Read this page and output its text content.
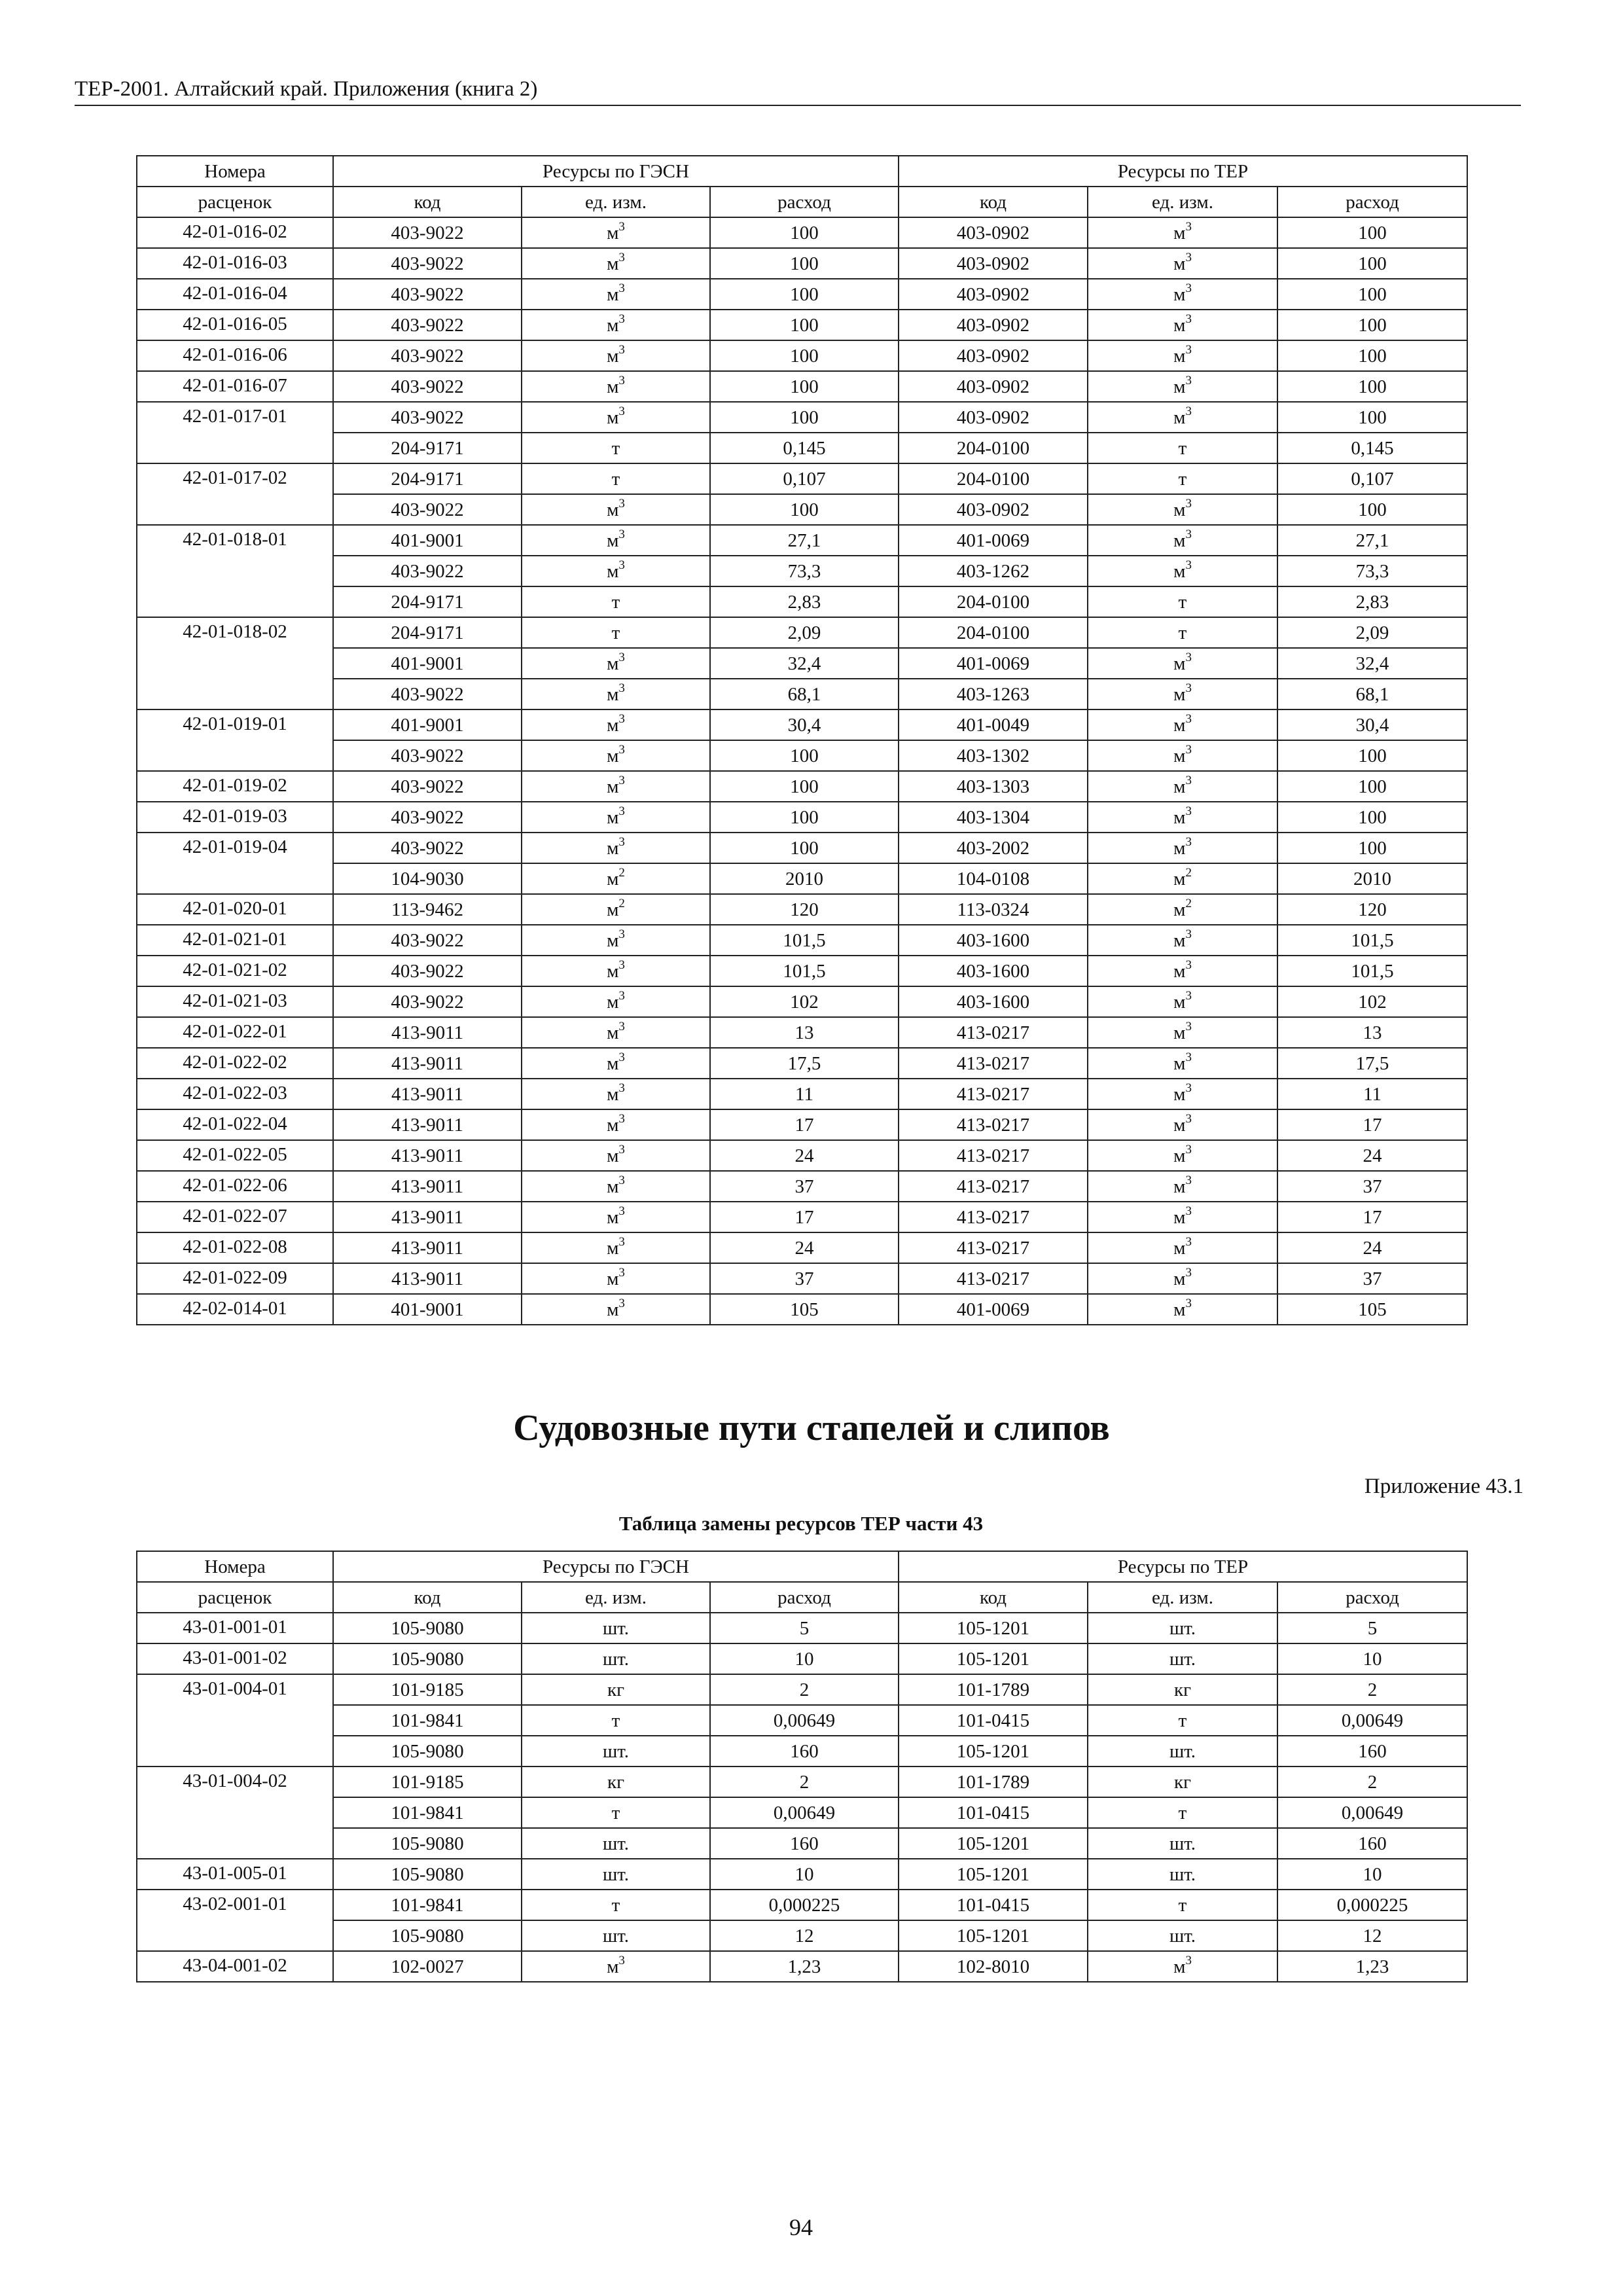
ТЕР-2001. Алтайский край. Приложения (книга 2)
Номера	Ресурсы по ГЭСН			Ресурсы по ТЕР		
расценок	код	ед. изм.	расход	код	ед. изм.	расход
42-01-016-02	403-9022	$м^3$	100	403-0902	$м^3$	100
42-01-016-03	403-9022	$м^3$	100	403-0902	$м^3$	100
42-01-016-04	403-9022	$м^3$	100	403-0902	$м^3$	100
42-01-016-05	403-9022	$м^3$	100	403-0902	$м^3$	100
42-01-016-06	403-9022	$м^3$	100	403-0902	$м^3$	100
42-01-016-07	403-9022	$м^3$	100	403-0902	$м^3$	100
42-01-017-01	403-9022	$м^3$	100	403-0902	$м^3$	100
	204-9171	т	0,145	204-0100	т	0,145
42-01-017-02	204-9171	т	0,107	204-0100	т	0,107
	403-9022	$м^3$	100	403-0902	$м^3$	100
42-01-018-01	401-9001	$м^3$	27,1	401-0069	$м^3$	27,1
	403-9022	$м^3$	73,3	403-1262	$м^3$	73,3
	204-9171	т	2,83	204-0100	т	2,83
42-01-018-02	204-9171	т	2,09	204-0100	т	2,09
	401-9001	$м^3$	32,4	401-0069	$м^3$	32,4
	403-9022	$м^3$	68,1	403-1263	$м^3$	68,1
42-01-019-01	401-9001	$м^3$	30,4	401-0049	$м^3$	30,4
	403-9022	$м^3$	100	403-1302	$м^3$	100
42-01-019-02	403-9022	$м^3$	100	403-1303	$м^3$	100
42-01-019-03	403-9022	$м^3$	100	403-1304	$м^3$	100
42-01-019-04	403-9022	$м^3$	100	403-2002	$м^3$	100
	104-9030	$м^2$	2010	104-0108	$м^2$	2010
42-01-020-01	113-9462	$м^2$	120	113-0324	$м^2$	120
42-01-021-01	403-9022	$м^3$	101,5	403-1600	$м^3$	101,5
42-01-021-02	403-9022	$м^3$	101,5	403-1600	$м^3$	101,5
42-01-021-03	403-9022	$м^3$	102	403-1600	$м^3$	102
42-01-022-01	413-9011	$м^3$	13	413-0217	$м^3$	13
42-01-022-02	413-9011	$м^3$	17,5	413-0217	$м^3$	17,5
42-01-022-03	413-9011	$м^3$	11	413-0217	$м^3$	11
42-01-022-04	413-9011	$м^3$	17	413-0217	$м^3$	17
42-01-022-05	413-9011	$м^3$	24	413-0217	$м^3$	24
42-01-022-06	413-9011	$м^3$	37	413-0217	$м^3$	37
42-01-022-07	413-9011	$м^3$	17	413-0217	$м^3$	17
42-01-022-08	413-9011	$м^3$	24	413-0217	$м^3$	24
42-01-022-09	413-9011	$м^3$	37	413-0217	$м^3$	37
42-02-014-01	401-9001	$м^3$	105	401-0069	$м^3$	105
Судовозные пути стапелей и слипов
Приложение 43.1
Таблица замены ресурсов ТЕР части 43
Номера	Ресурсы по ГЭСН			Ресурсы по ТЕР		
расценок	код	ед. изм.	расход	код	ед. изм.	расход
43-01-001-01	105-9080	шт.	5	105-1201	шт.	5
43-01-001-02	105-9080	шт.	10	105-1201	шт.	10
43-01-004-01	101-9185	кг	2	101-1789	кг	2
	101-9841	т	0,00649	101-0415	т	0,00649
	105-9080	шт.	160	105-1201	шт.	160
43-01-004-02	101-9185	кг	2	101-1789	кг	2
	101-9841	т	0,00649	101-0415	т	0,00649
	105-9080	шт.	160	105-1201	шт.	160
43-01-005-01	105-9080	шт.	10	105-1201	шт.	10
43-02-001-01	101-9841	т	0,000225	101-0415	т	0,000225
	105-9080	шт.	12	105-1201	шт.	12
43-04-001-02	102-0027	$м^3$	1,23	102-8010	$м^3$	1,23
94
